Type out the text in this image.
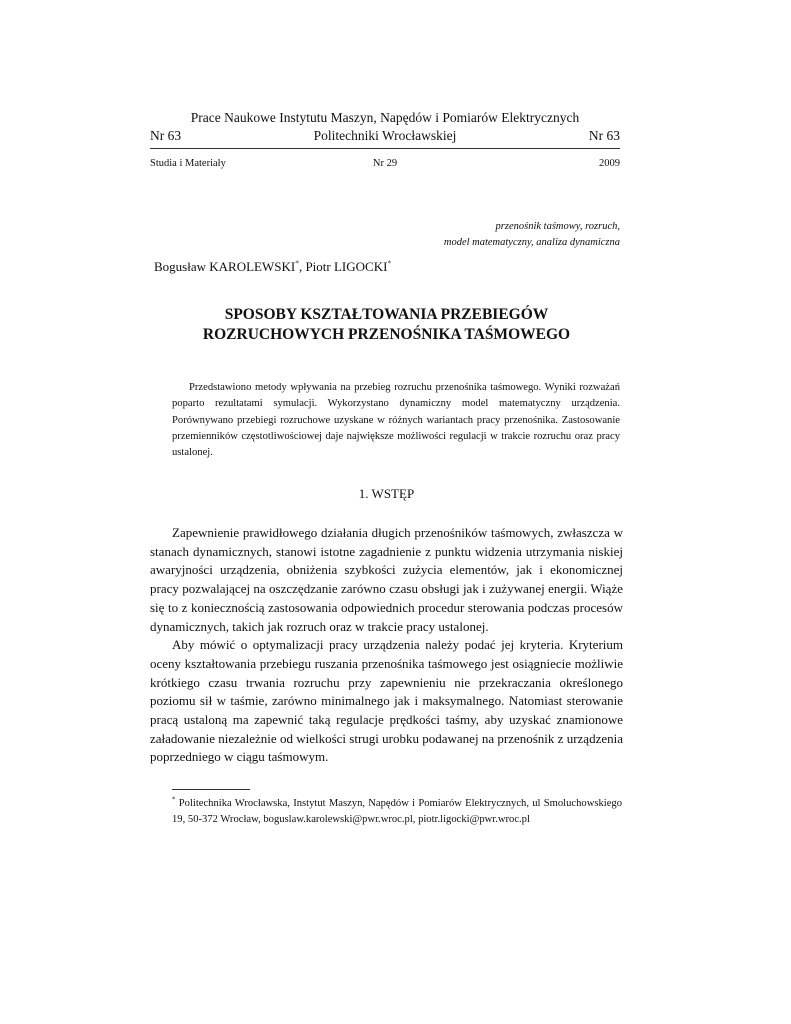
Prace Naukowe Instytutu Maszyn, Napędów i Pomiarów Elektrycznych
Nr 63	Politechniki Wrocławskiej	Nr 63
Studia i Materiały	Nr 29	2009
przenośnik taśmowy, rozruch,
model matematyczny, analiza dynamiczna
Bogusław KAROLEWSKI*, Piotr LIGOCKI*
SPOSOBY KSZTAŁTOWANIA PRZEBIEGÓW
ROZRUCHOWYCH PRZENOŚNIKA TAŚMOWEGO

Przedstawiono metody wpływania na przebieg rozruchu przenośnika taśmowego. Wyniki rozważań poparto rezultatami symulacji. Wykorzystano dynamiczny model matematyczny urządzenia. Porównywano przebiegi rozruchowe uzyskane w różnych wariantach pracy przenośnika. Zastosowanie przemienników częstotliwościowej daje największe możliwości regulacji w trakcie rozruchu oraz pracy ustalonej.

1. WSTĘP

Zapewnienie prawidłowego działania długich przenośników taśmowych, zwłaszcza w stanach dynamicznych, stanowi istotne zagadnienie z punktu widzenia utrzymania niskiej awaryjności urządzenia, obniżenia szybkości zużycia elementów, jak i ekonomicznej pracy pozwalającej na oszczędzanie zarówno czasu obsługi jak i zużywanej energii. Wiąże się to z koniecznością zastosowania odpowiednich procedur sterowania podczas procesów dynamicznych, takich jak rozruch oraz w trakcie pracy ustalonej.

Aby mówić o optymalizacji pracy urządzenia należy podać jej kryteria. Kryterium oceny kształtowania przebiegu ruszania przenośnika taśmowego jest osiągniecie możliwie krótkiego czasu trwania rozruchu przy zapewnieniu nie przekraczania określonego poziomu sił w taśmie, zarówno minimalnego jak i maksymalnego. Natomiast sterowanie pracą ustaloną ma zapewnić taką regulacje prędkości taśmy, aby uzyskać znamionowe załadowanie niezależnie od wielkości strugi urobku podawanej na przenośnik z urządzenia poprzedniego w ciągu taśmowym.

* Politechnika Wrocławska, Instytut Maszyn, Napędów i Pomiarów Elektrycznych, ul Smoluchowskiego 19, 50-372 Wrocław, boguslaw.karolewski@pwr.wroc.pl, piotr.ligocki@pwr.wroc.pl
